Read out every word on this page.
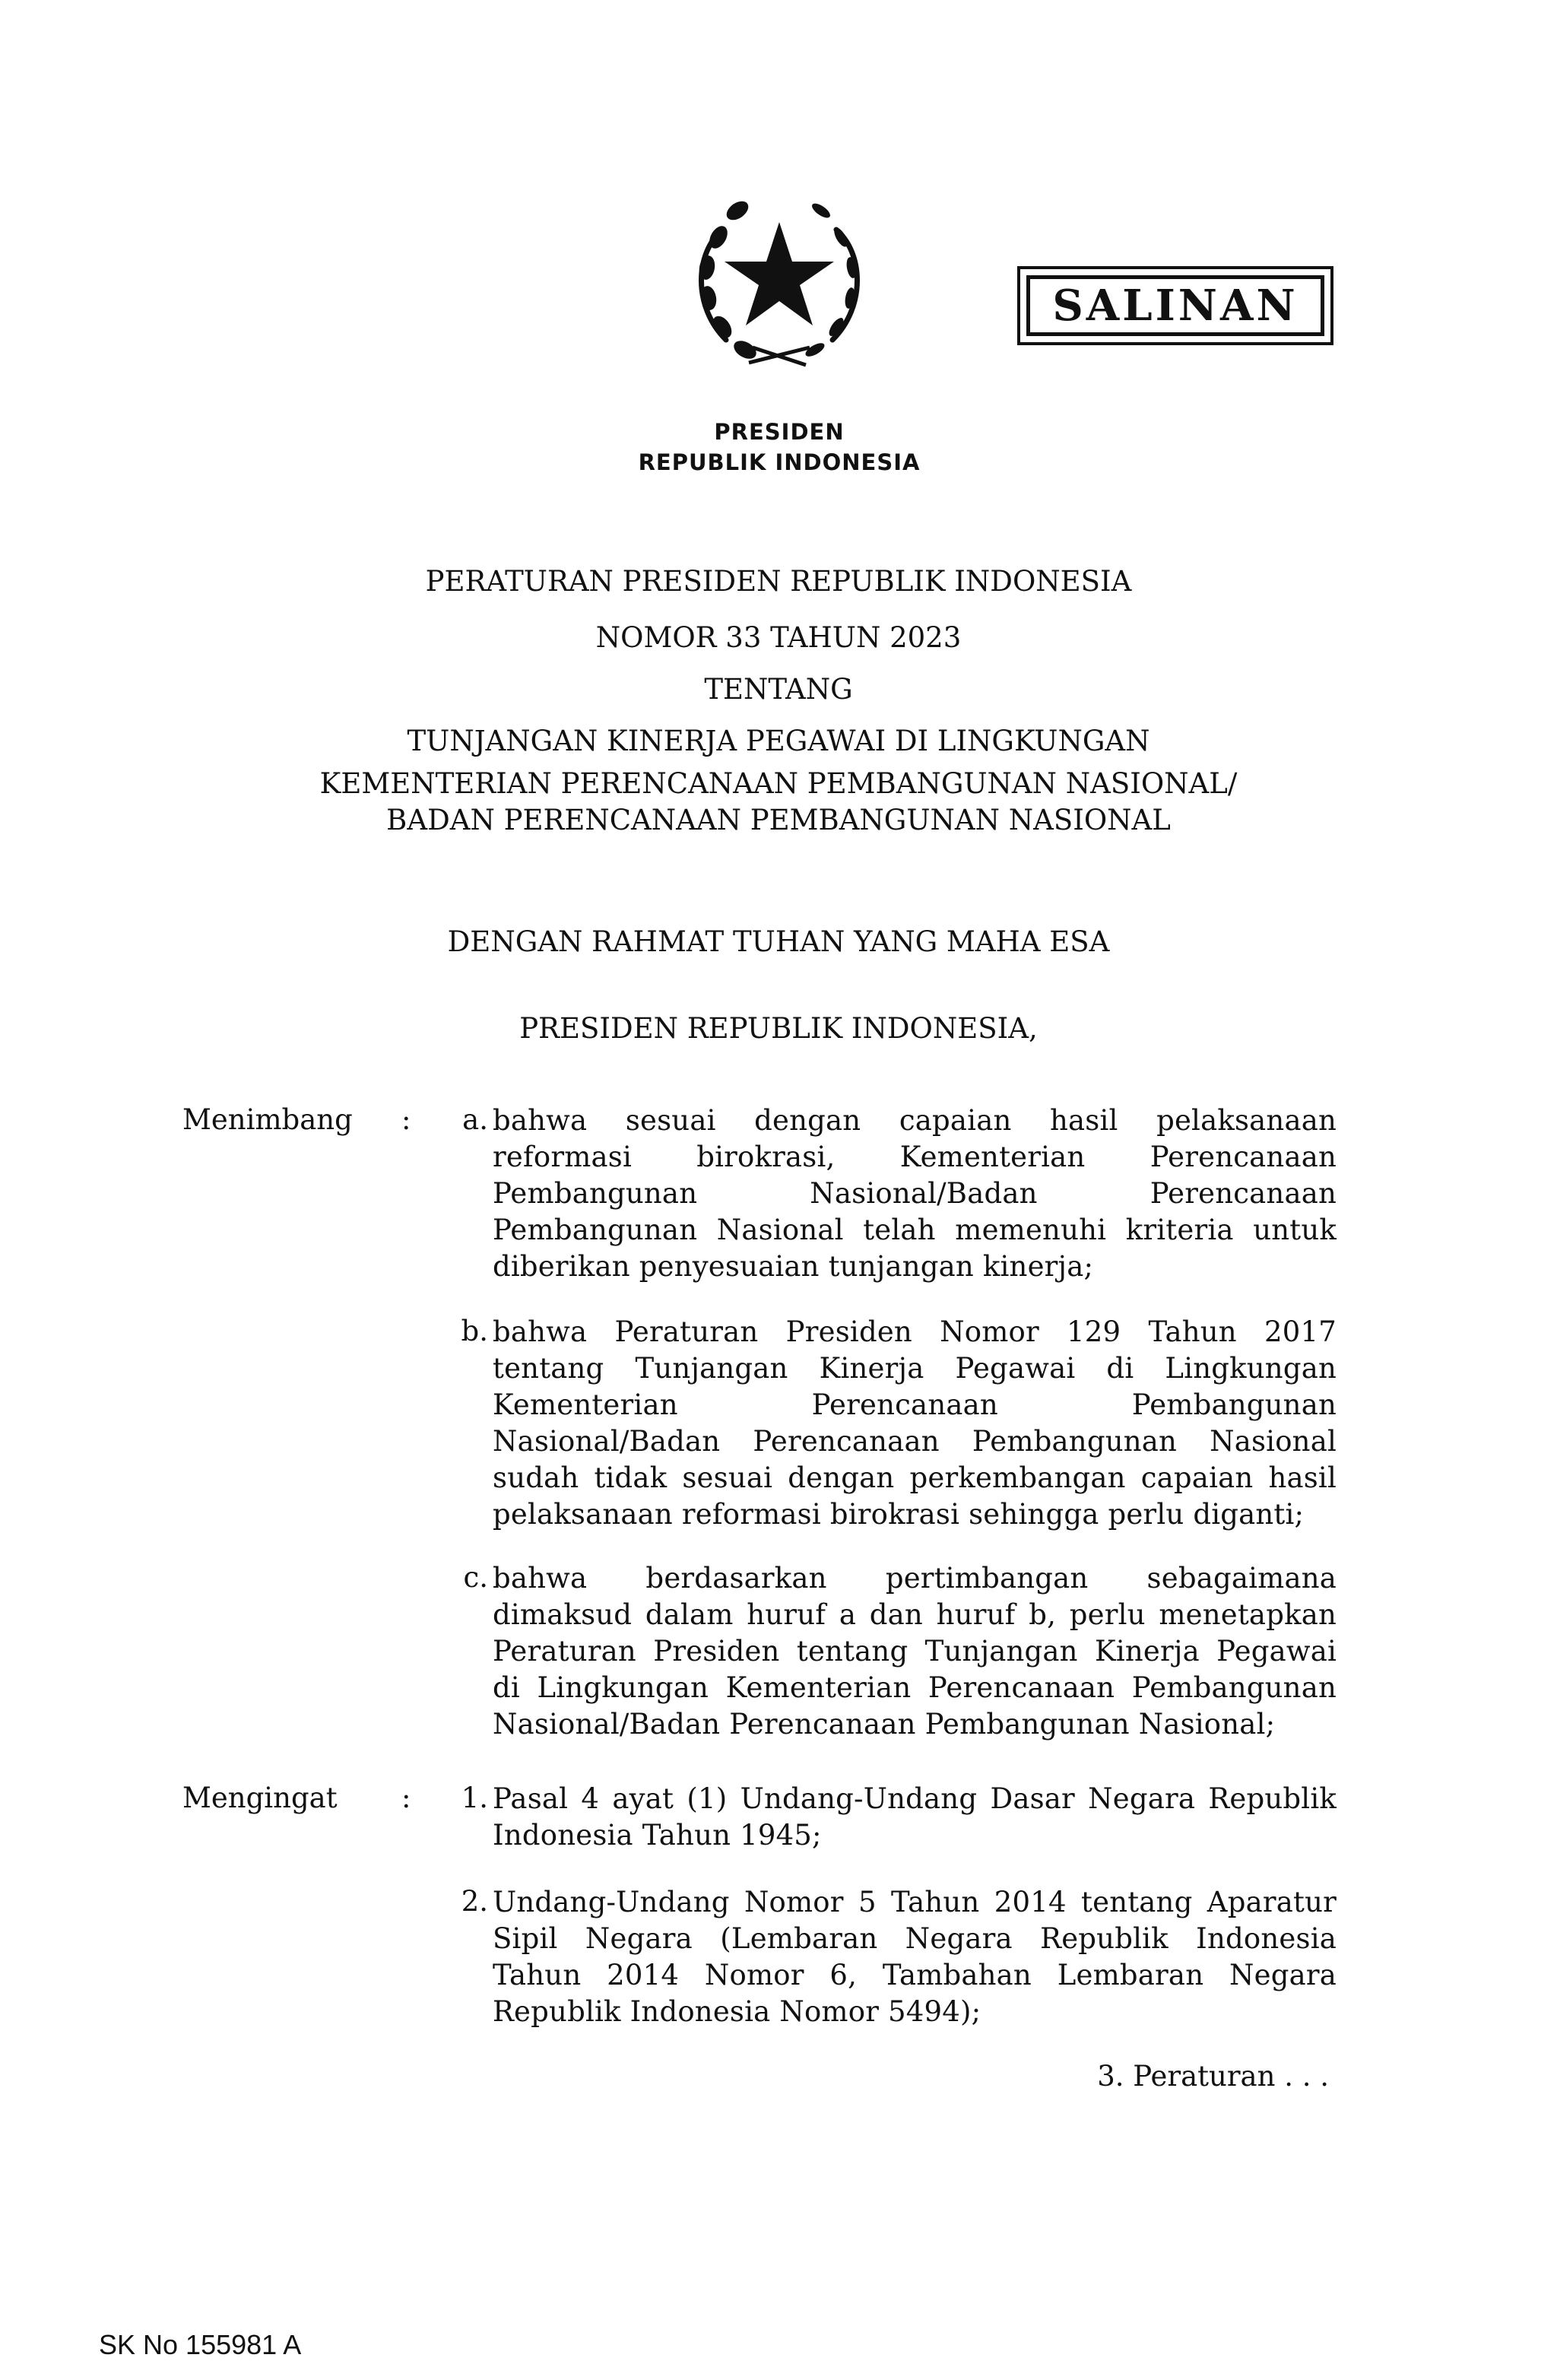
PRESIDEN
REPUBLIK INDONESIA
SALINAN
PERATURAN PRESIDEN REPUBLIK INDONESIA
NOMOR 33 TAHUN 2023
TENTANG
TUNJANGAN KINERJA PEGAWAI DI LINGKUNGAN
KEMENTERIAN PERENCANAAN PEMBANGUNAN NASIONAL/
BADAN PERENCANAAN PEMBANGUNAN NASIONAL
DENGAN RAHMAT TUHAN YANG MAHA ESA
PRESIDEN REPUBLIK INDONESIA,
Menimbang :	a. bahwa sesuai dengan capaian hasil pelaksanaan
reformasi birokrasi, Kementerian Perencanaan
Pembangunan Nasional/Badan Perencanaan
Pembangunan Nasional telah memenuhi kriteria untuk
diberikan penyesuaian tunjangan kinerja;
b. bahwa Peraturan Presiden Nomor 129 Tahun 2017
tentang Tunjangan Kinerja Pegawai di Lingkungan
Kementerian Perencanaan Pembangunan
Nasional/Badan Perencanaan Pembangunan Nasional
sudah tidak sesuai dengan perkembangan capaian hasil
pelaksanaan reformasi birokrasi sehingga perlu diganti;
c. bahwa berdasarkan pertimbangan sebagaimana
dimaksud dalam huruf a dan huruf b, perlu menetapkan
Peraturan Presiden tentang Tunjangan Kinerja Pegawai
di Lingkungan Kementerian Perencanaan Pembangunan
Nasional/Badan Perencanaan Pembangunan Nasional;
Mengingat :	1. Pasal 4 ayat (1) Undang-Undang Dasar Negara Republik
Indonesia Tahun 1945;
2. Undang-Undang Nomor 5 Tahun 2014 tentang Aparatur
Sipil Negara (Lembaran Negara Republik Indonesia
Tahun 2014 Nomor 6, Tambahan Lembaran Negara
Republik Indonesia Nomor 5494);
3. Peraturan . . .
SK No 155981 A
